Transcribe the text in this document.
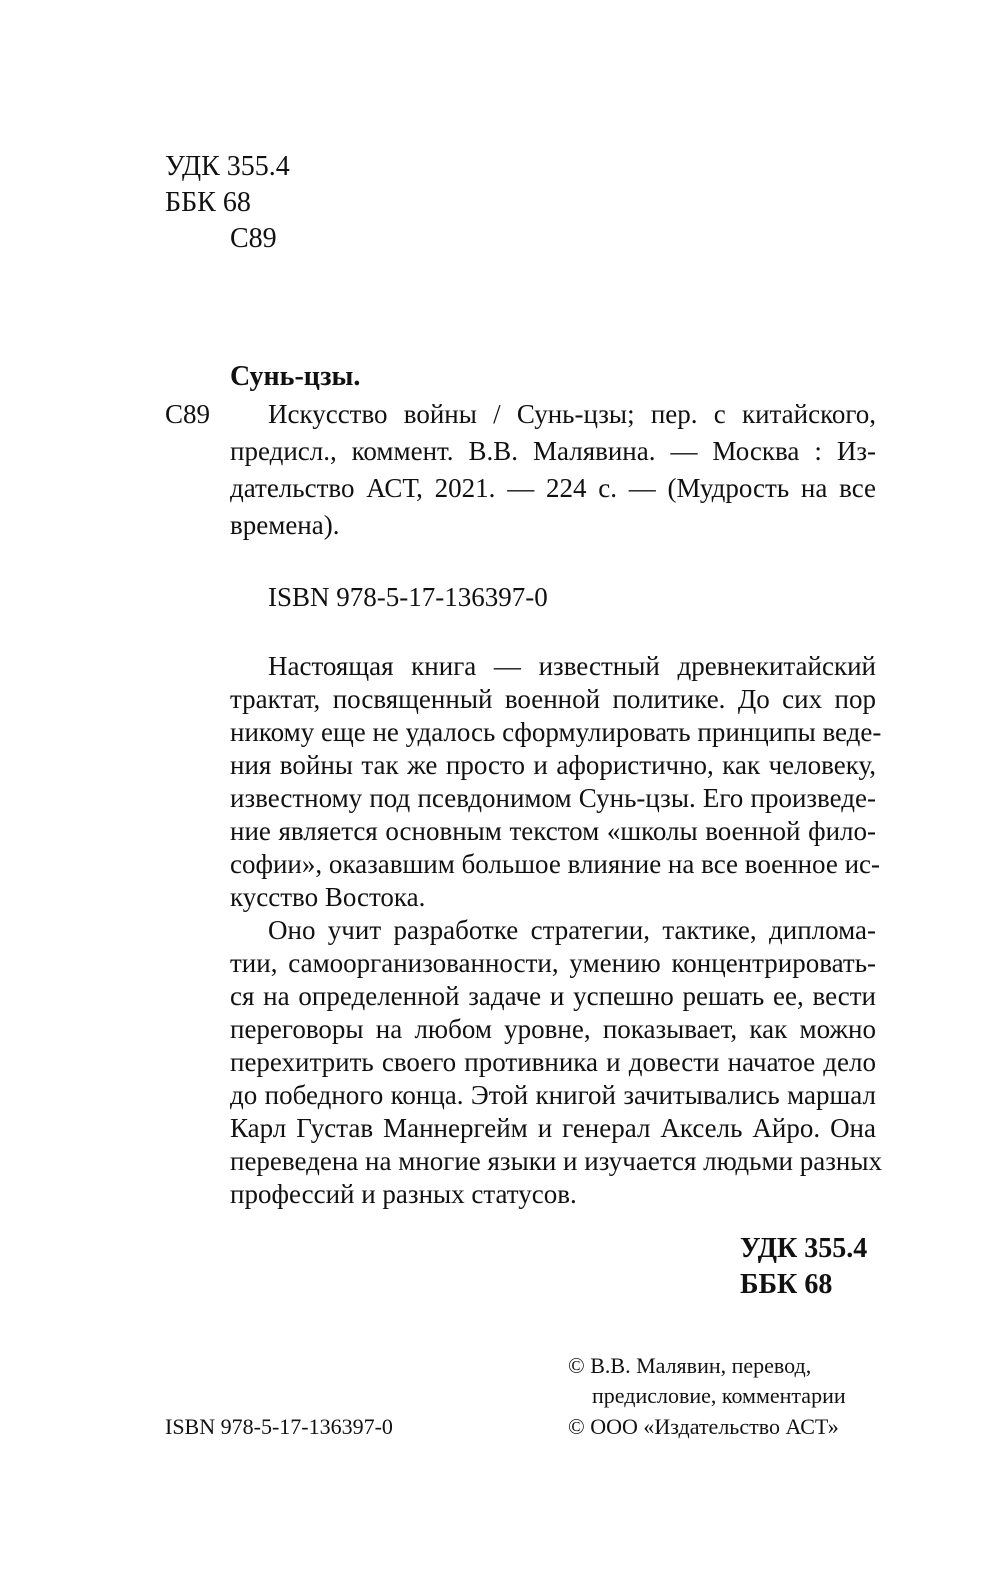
УДК 355.4
ББК 68
С89
Сунь-цзы.
С89 Искусство войны / Сунь-цзы; пер. с китайского,
предисл., коммент. В.В. Малявина. — Москва : Из-
дательство АСТ, 2021. — 224 с. — (Мудрость на все
времена).
ISBN 978-5-17-136397-0
Настоящая книга — известный древнекитайский
трактат, посвященный военной политике. До сих пор
никому еще не удалось сформулировать принципы веде-
ния войны так же просто и афористично, как человеку,
известному под псевдонимом Сунь-цзы. Его произведе-
ние является основным текстом «школы военной фило-
софии», оказавшим большое влияние на все военное ис-
кусство Востока.
Оно учит разработке стратегии, тактике, диплома-
тии, самоорганизованности, умению концентрировать-
ся на определенной задаче и успешно решать ее, вести
переговоры на любом уровне, показывает, как можно
перехитрить своего противника и довести начатое дело
до победного конца. Этой книгой зачитывались маршал
Карл Густав Маннергейм и генерал Аксель Айро. Она
переведена на многие языки и изучается людьми разных
профессий и разных статусов.
УДК 355.4
ББК 68
© В.В. Малявин, перевод,
предисловие, комментарии
ISBN 978-5-17-136397-0	© ООО «Издательство АСТ»
